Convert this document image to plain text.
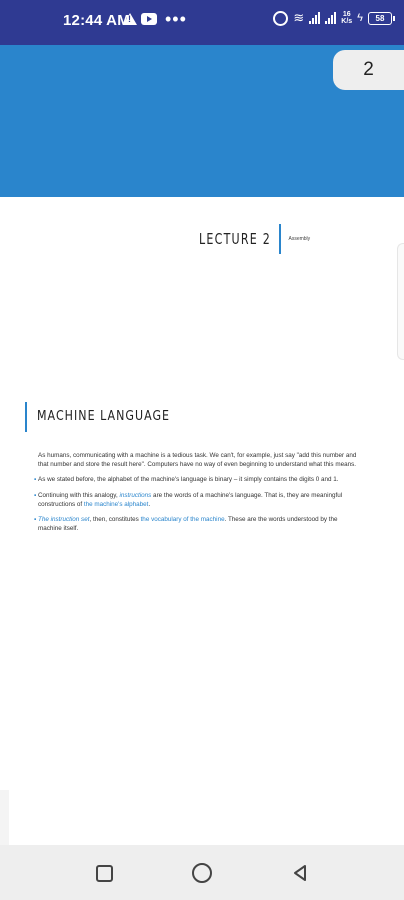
12:44 AM
! •••	≋	16
K/s ϟ	58
2
LECTURE 2	Assembly
MACHINE LANGUAGE

As humans, communicating with a machine is a tedious task. We can't, for example, just say "add this number and that number and store the result here". Computers have no way of even beginning to understand what this means.

▪ As we stated before, the alphabet of the machine's language is binary – it simply contains the digits 0 and 1.

▪ Continuing with this analogy, instructions are the words of a machine's language. That is, they are meaningful constructions of the machine's alphabet.

▪ The instruction set, then, constitutes the vocabulary of the machine. These are the words understood by the machine itself.
